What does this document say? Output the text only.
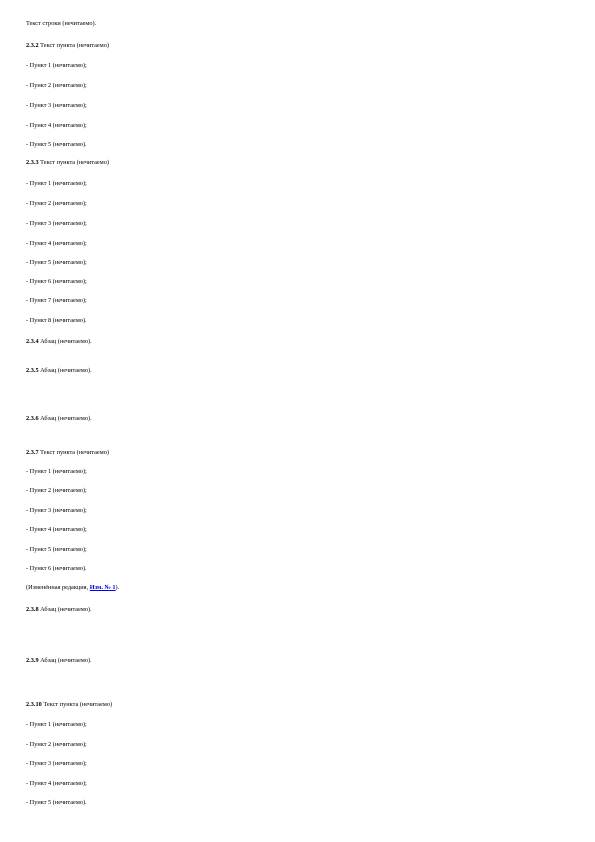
Текст строки (нечитаемо).
2.3.2 Текст пункта (нечитаемо)
- Пункт 1 (нечитаемо);
- Пункт 2 (нечитаемо);
- Пункт 3 (нечитаемо);
- Пункт 4 (нечитаемо);
- Пункт 5 (нечитаемо).
2.3.3 Текст пункта (нечитаемо)
- Пункт 1 (нечитаемо);
- Пункт 2 (нечитаемо);
- Пункт 3 (нечитаемо);
- Пункт 4 (нечитаемо);
- Пункт 5 (нечитаемо);
- Пункт 6 (нечитаемо);
- Пункт 7 (нечитаемо);
- Пункт 8 (нечитаемо).
2.3.4 Абзац (нечитаемо).
2.3.5 Абзац (нечитаемо).
2.3.6 Абзац (нечитаемо).
2.3.7 Текст пункта (нечитаемо)
- Пункт 1 (нечитаемо);
- Пункт 2 (нечитаемо);
- Пункт 3 (нечитаемо);
- Пункт 4 (нечитаемо);
- Пункт 5 (нечитаемо);
- Пункт 6 (нечитаемо).
(Изменённая редакция, Изм. № 1).
2.3.8 Абзац (нечитаемо).
2.3.9 Абзац (нечитаемо).
2.3.10 Текст пункта (нечитаемо)
- Пункт 1 (нечитаемо);
- Пункт 2 (нечитаемо);
- Пункт 3 (нечитаемо);
- Пункт 4 (нечитаемо);
- Пункт 5 (нечитаемо).
